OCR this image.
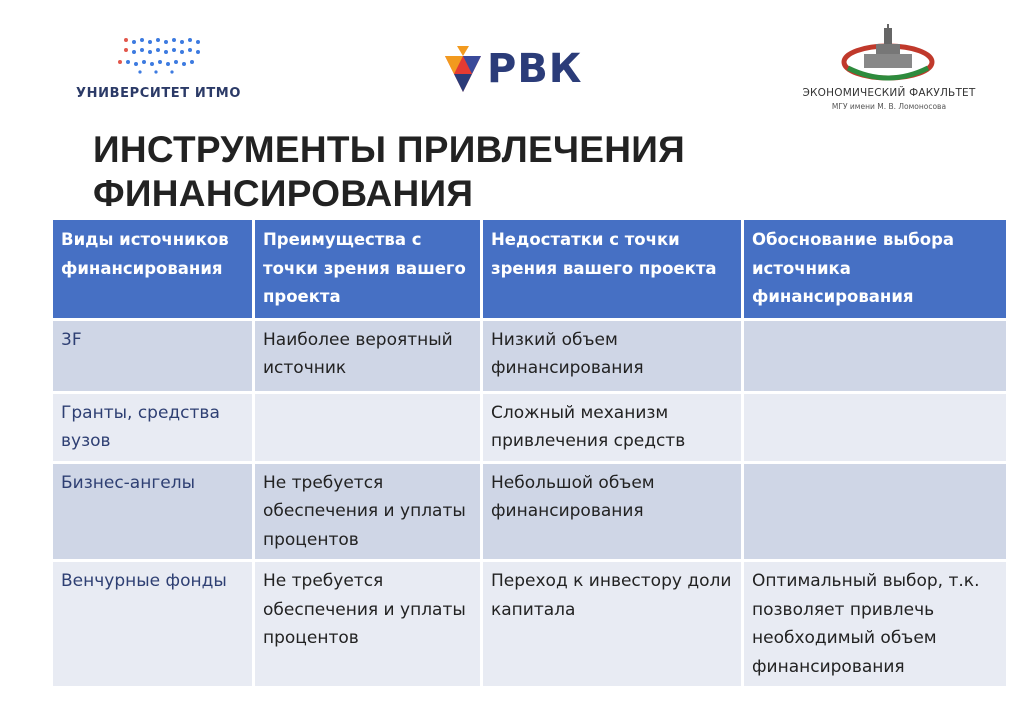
УНИВЕРСИТЕТ ИТМО
РВК
ЭКОНОМИЧЕСКИЙ ФАКУЛЬТЕТ
МГУ имени М. В. Ломоносова
ИНСТРУМЕНТЫ ПРИВЛЕЧЕНИЯ
ФИНАНСИРОВАНИЯ
Виды источников финансирования	Преимущества с точки зрения вашего проекта	Недостатки с точки зрения вашего проекта	Обоснование выбора источника финансирования
3F	Наиболее вероятный источник	Низкий объем финансирования	
Гранты, средства вузов		Сложный механизм привлечения средств	
Бизнес-ангелы	Не требуется обеспечения и уплаты процентов	Небольшой объем финансирования	
Венчурные фонды	Не требуется обеспечения и уплаты процентов	Переход к инвестору доли капитала	Оптимальный выбор, т.к. позволяет привлечь необходимый объем финансирования
